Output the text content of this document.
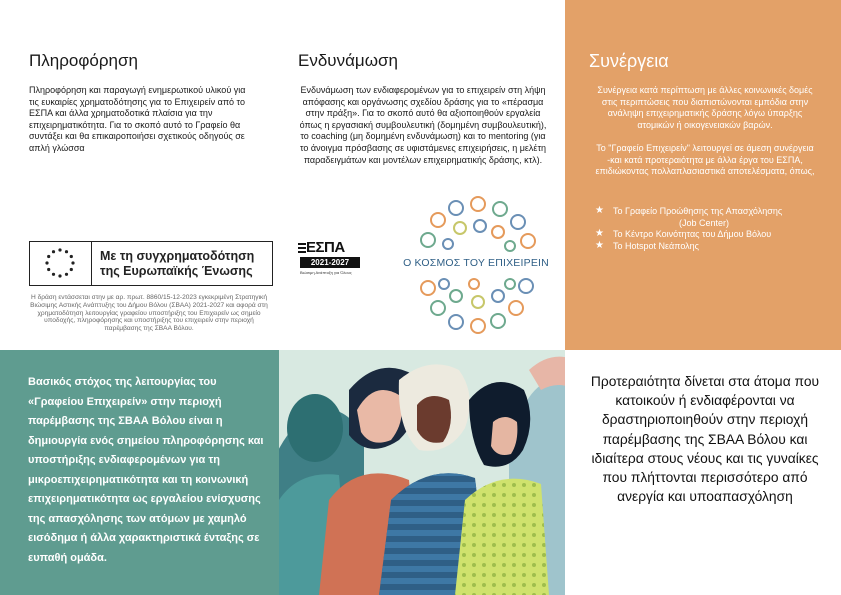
Πληροφόρηση

Πληροφόρηση και παραγωγή ενημερωτικού υλικού για τις ευκαιρίες χρηματοδότησης για το Επιχειρείν από το ΕΣΠΑ και άλλα χρηματοδοτικά πλαίσια για την επιχειρηματικότητα. Για το σκοπό αυτό το Γραφείο θα συντάξει και θα επικαιροποιήσει σχετικούς οδηγούς σε απλή γλώσσα

Ενδυνάμωση

Ενδυνάμωση των ενδιαφερομένων για το επιχειρείν στη λήψη απόφασης και οργάνωσης σχεδίου δράσης για το «πέρασμα στην πράξη». Για το σκοπό αυτό θα αξιοποιηθούν εργαλεία όπως η εργασιακή συμβουλευτική (δομημένη συμβουλευτική), το coaching (μη δομημένη ενδυνάμωση) και το mentoring (για το άνοιγμα πρόσβασης σε υφιστάμενες επιχειρήσεις, η μελέτη παραδειγμάτων και μοντέλων επιχειρηματικής δράσης, κτλ).

Συνέργεια

Συνέργεια κατά περίπτωση με άλλες κοινωνικές δομές στις περιπτώσεις που διαπιστώνονται εμπόδια στην ανάληψη επιχειρηματικής δράσης λόγω ύπαρξης ατομικών ή οικογενειακών βαρών.

Το "Γραφείο Επιχειρείν" λειτουργεί σε άμεση συνέργεια -και κατά προτεραιότητα με άλλα έργα του ΕΣΠΑ, επιδιώκοντας πολλαπλασιαστικά αποτελέσματα, όπως,

★ Το Γραφείο Προώθησης της Απασχόλησης
(Job Center)
★ Το Κέντρο Κοινότητας του Δήμου Βόλου
★ Το Hotspot Νεάπολης
Με τη συγχρηματοδότηση
της Ευρωπαϊκής Ένωσης
ΕΣΠΑ
2021-2027
Βιώσιμη Ανάπτυξη για Όλους
Ο ΚΟΣΜΟΣ ΤΟΥ ΕΠΙΧΕΙΡΕΙΝ

Η δράση εντάσσεται στην με αρ. πρωτ. 8860/15-12-2023 εγκεκριμένη Στρατηγική Βιώσιμης Αστικής Ανάπτυξης του Δήμου Βόλου (ΣΒΑΑ) 2021-2027 και αφορά στη χρηματοδότηση λειτουργίας γραφείου υποστήριξης του Επιχειρείν ως σημείο υποδοχής, πληροφόρησης και υποστήριξης του επιχειρείν στην περιοχή παρέμβασης της ΣΒΑΑ Βόλου.

Βασικός στόχος της λειτουργίας του «Γραφείου Επιχειρείν» στην περιοχή παρέμβασης της ΣΒΑΑ Βόλου είναι η δημιουργία ενός σημείου πληροφόρησης και υποστήριξης ενδιαφερομένων για τη μικροεπιχειρηματικότητα και τη κοινωνική επιχειρηματικότητα ως εργαλείου ενίσχυσης της απασχόλησης των ατόμων με χαμηλό εισόδημα ή άλλα χαρακτηριστικά ένταξης σε ευπαθή ομάδα.

Προτεραιότητα δίνεται στα άτομα που κατοικούν ή ενδιαφέρονται να δραστηριοποιηθούν στην περιοχή παρέμβασης της ΣΒΑΑ Βόλου και ιδιαίτερα στους νέους και τις γυναίκες που πλήττονται περισσότερο από ανεργία και υποαπασχόληση
